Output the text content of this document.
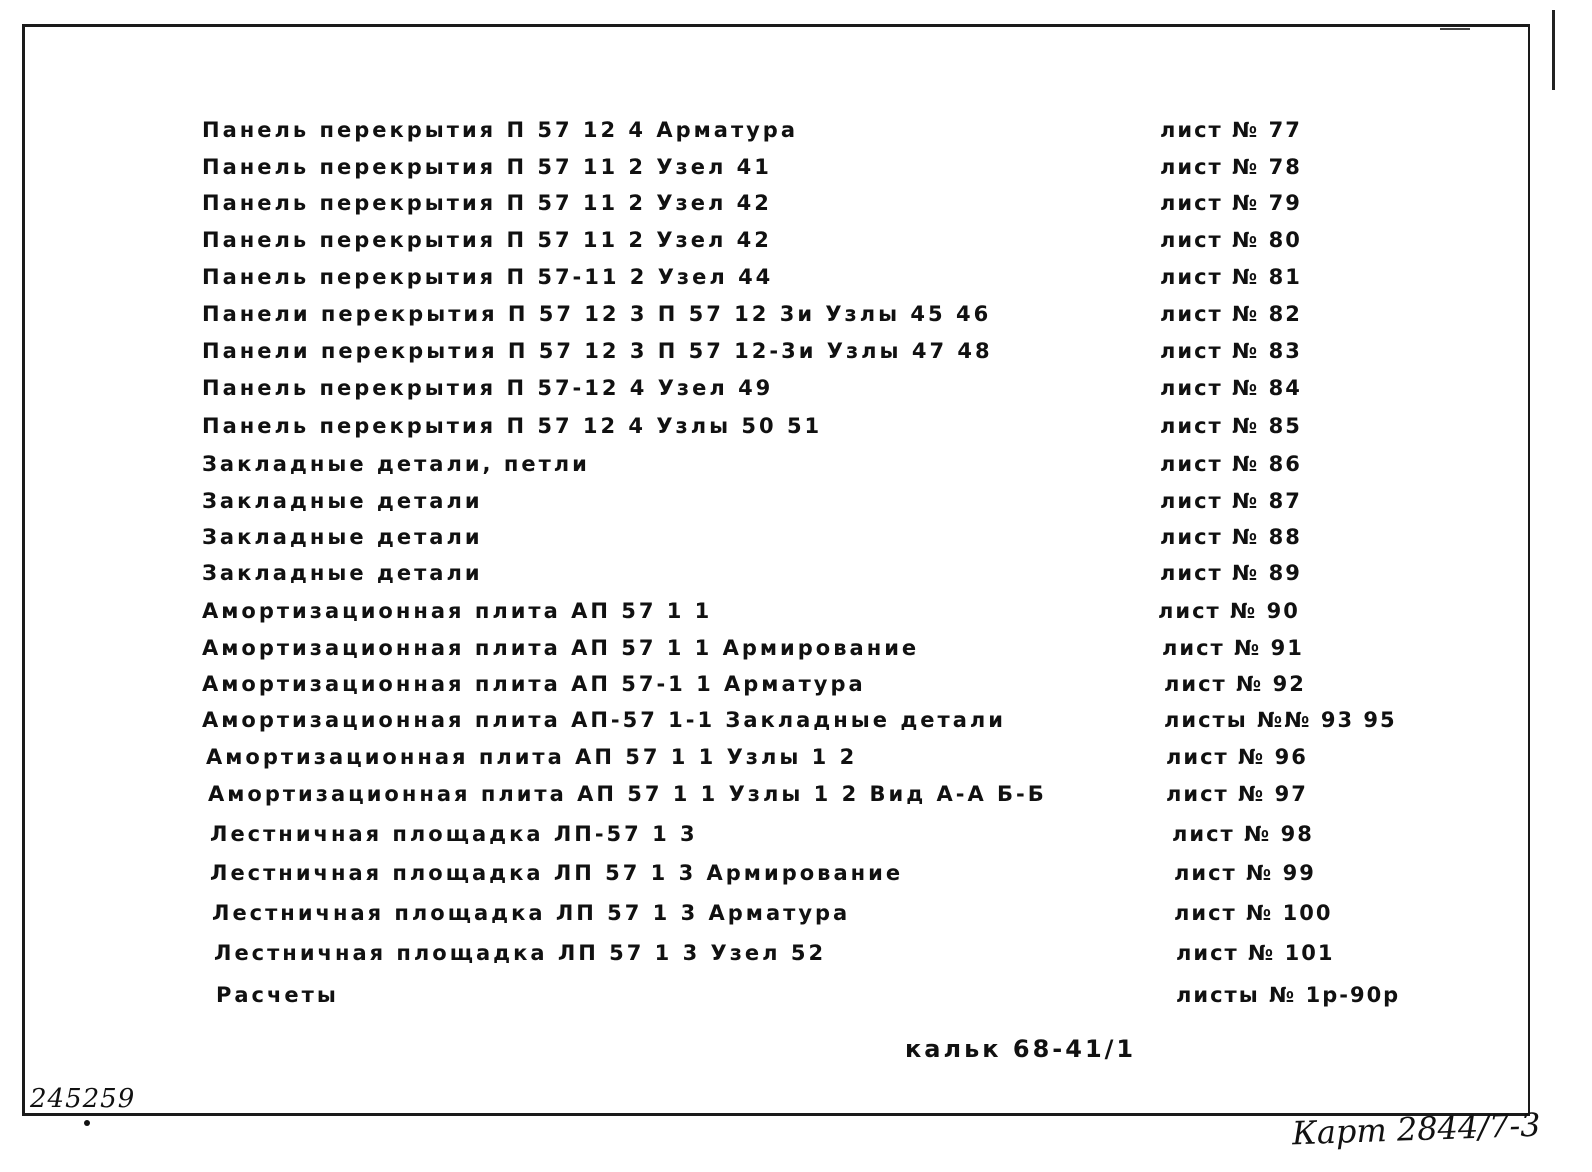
Панель перекрытия П 57 12 4 Арматура	лист № 77
Панель перекрытия П 57 11 2 Узел 41	лист № 78
Панель перекрытия П 57 11 2 Узел 42	лист № 79
Панель перекрытия П 57 11 2 Узел 42	лист № 80
Панель перекрытия П 57-11 2 Узел 44	лист № 81
Панели перекрытия П 57 12 3 П 57 12 3и Узлы 45 46	лист № 82
Панели перекрытия П 57 12 3 П 57 12-3и Узлы 47 48	лист № 83
Панель перекрытия П 57-12 4 Узел 49	лист № 84
Панель перекрытия П 57 12 4 Узлы 50 51	лист № 85
Закладные детали, петли	лист № 86
Закладные детали	лист № 87
Закладные детали	лист № 88
Закладные детали	лист № 89
Амортизационная плита АП 57 1 1	лист № 90
Амортизационная плита АП 57 1 1 Армирование	лист № 91
Амортизационная плита АП 57-1 1 Арматура	лист № 92
Амортизационная плита АП-57 1-1 Закладные детали	листы №№ 93 95
Амортизационная плита АП 57 1 1 Узлы 1 2	лист № 96
Амортизационная плита АП 57 1 1 Узлы 1 2 Вид А-А Б-Б	лист № 97
Лестничная площадка ЛП-57 1 3	лист № 98
Лестничная площадка ЛП 57 1 3 Армирование	лист № 99
Лестничная площадка ЛП 57 1 3 Арматура	лист № 100
Лестничная площадка ЛП 57 1 3 Узел 52	лист № 101
Расчеты	листы № 1р-90р
кальк 68-41/1
245259
Карт 2844/7-3
